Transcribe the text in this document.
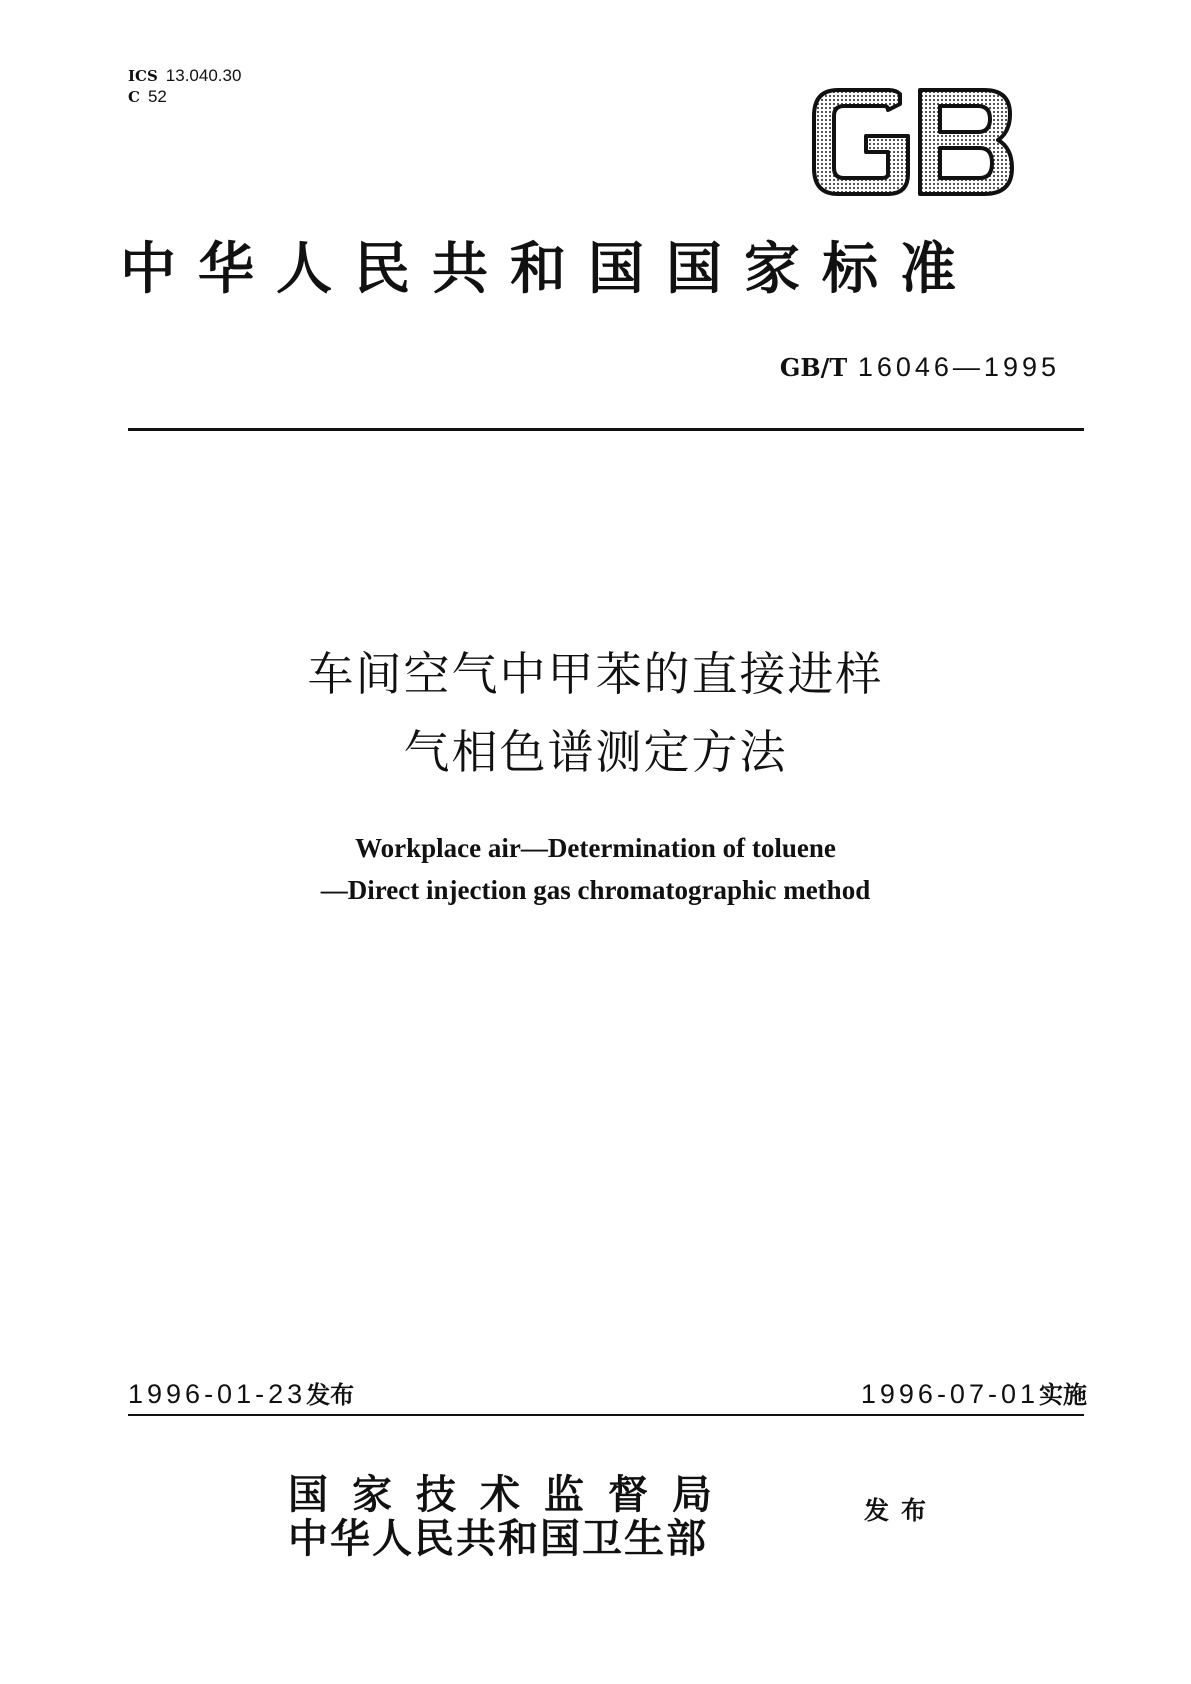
ICS 13.040.30
C 52
中华人民共和国国家标准
GB/T 16046—1995
车间空气中甲苯的直接进样
气相色谱测定方法
Workplace air—Determination of toluene
—Direct injection gas chromatographic method
1996-01-23发布	1996-07-01实施
国家技术监督局
中华人民共和国卫生部
发布
